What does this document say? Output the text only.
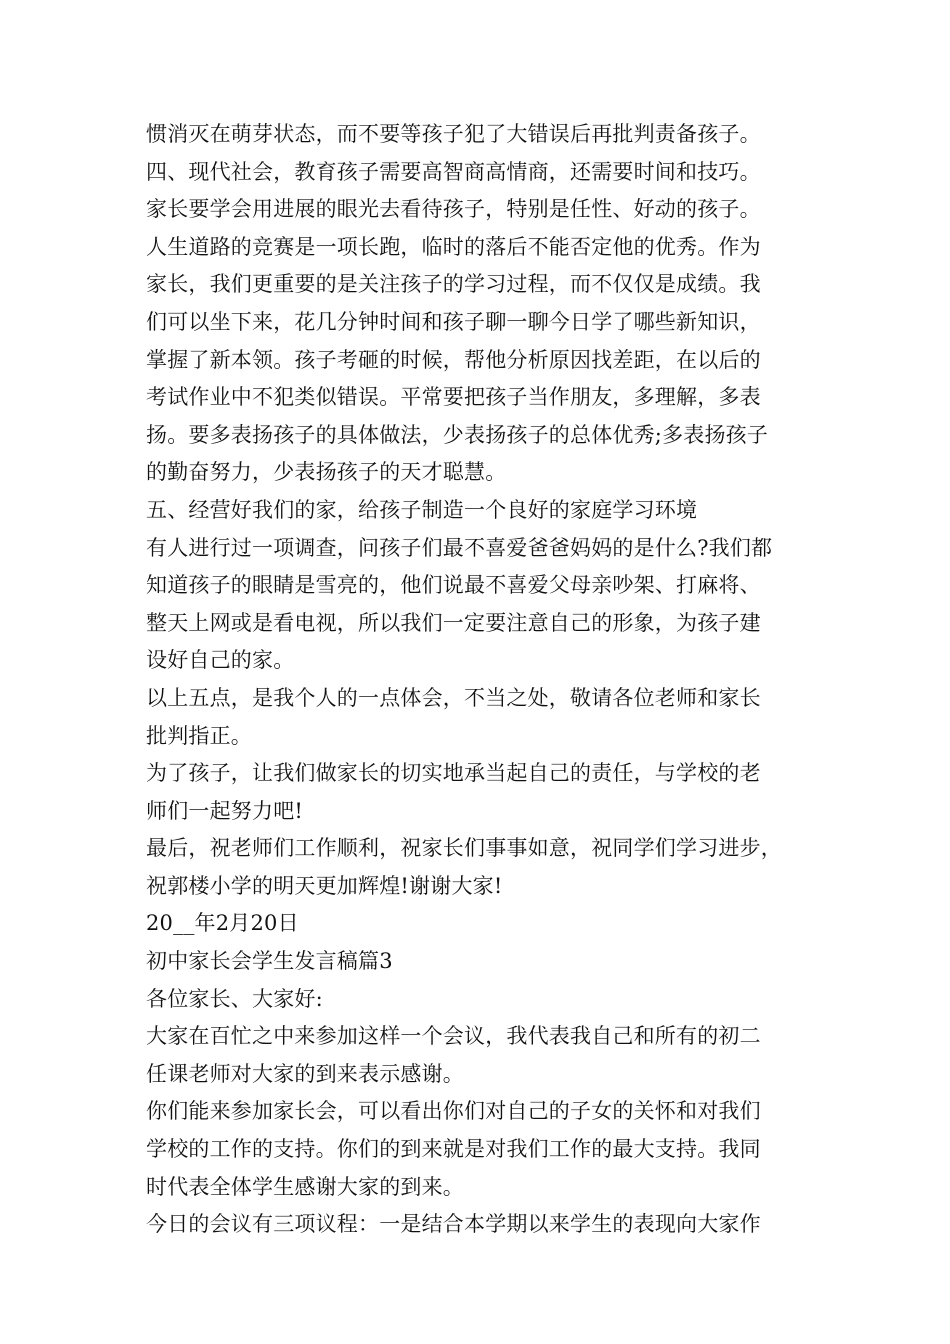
惯消灭在萌芽状态，而不要等孩子犯了大错误后再批判责备孩子。
四、现代社会，教育孩子需要高智商高情商，还需要时间和技巧。
家长要学会用进展的眼光去看待孩子，特别是任性、好动的孩子。
人生道路的竞赛是一项长跑，临时的落后不能否定他的优秀。作为
家长，我们更重要的是关注孩子的学习过程，而不仅仅是成绩。我
们可以坐下来，花几分钟时间和孩子聊一聊今日学了哪些新知识，
掌握了新本领。孩子考砸的时候，帮他分析原因找差距，在以后的
考试作业中不犯类似错误。平常要把孩子当作朋友，多理解，多表
扬。要多表扬孩子的具体做法，少表扬孩子的总体优秀;多表扬孩子
的勤奋努力，少表扬孩子的天才聪慧。
五、经营好我们的家，给孩子制造一个良好的家庭学习环境
有人进行过一项调查，问孩子们最不喜爱爸爸妈妈的是什么?我们都
知道孩子的眼睛是雪亮的，他们说最不喜爱父母亲吵架、打麻将、
整天上网或是看电视，所以我们一定要注意自己的形象，为孩子建
设好自己的家。
以上五点，是我个人的一点体会，不当之处，敬请各位老师和家长
批判指正。
为了孩子，让我们做家长的切实地承当起自己的责任，与学校的老
师们一起努力吧!
最后，祝老师们工作顺利，祝家长们事事如意，祝同学们学习进步，
祝郭楼小学的明天更加辉煌!谢谢大家!
20__年2月20日
初中家长会学生发言稿篇3
各位家长、大家好:
大家在百忙之中来参加这样一个会议，我代表我自己和所有的初二
任课老师对大家的到来表示感谢。
你们能来参加家长会，可以看出你们对自己的子女的关怀和对我们
学校的工作的支持。你们的到来就是对我们工作的最大支持。我同
时代表全体学生感谢大家的到来。
今日的会议有三项议程：一是结合本学期以来学生的表现向大家作
